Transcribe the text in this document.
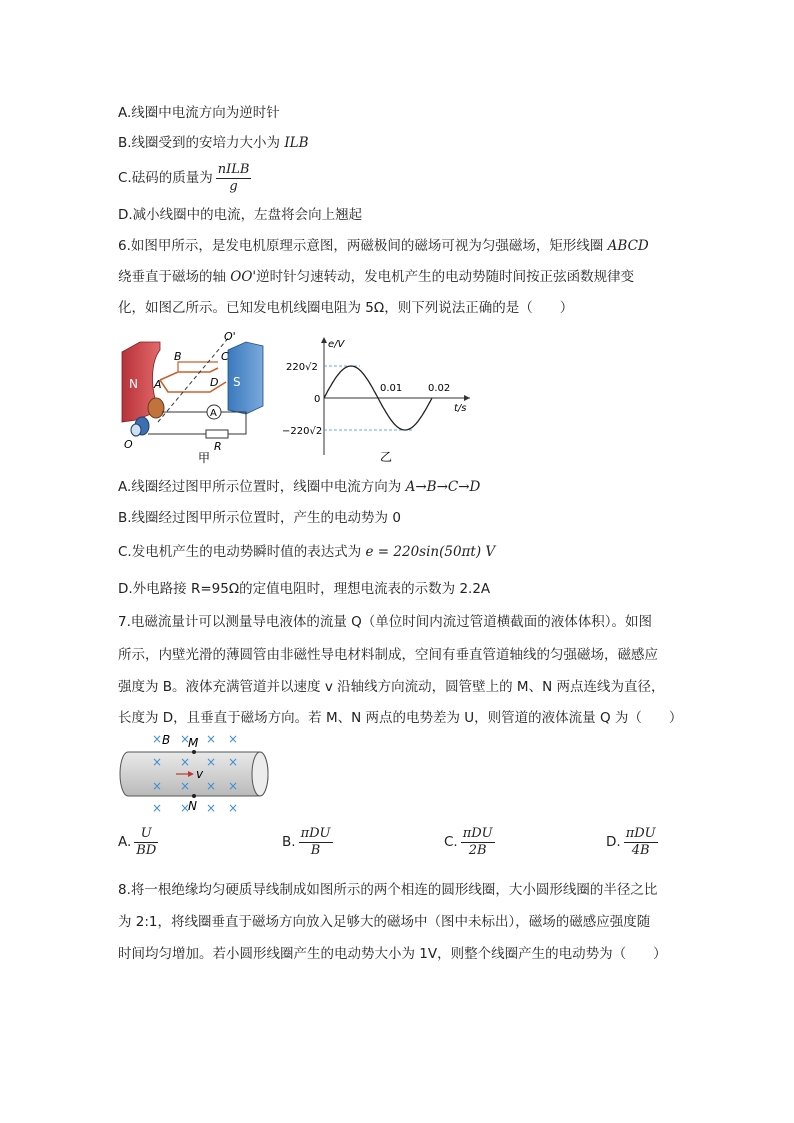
A.线圈中电流方向为逆时针
B.线圈受到的安培力大小为 ILB
C.砝码的质量为 $\frac{\text{nILB}}{g}$
D.减小线圈中的电流，左盘将会向上翘起
6.如图甲所示，是发电机原理示意图，两磁极间的磁场可视为匀强磁场，矩形线圈 ABCD
绕垂直于磁场的轴 OO'逆时针匀速转动，发电机产生的电动势随时间按正弦函数规律变
化，如图乙所示。已知发电机线圈电阻为 5Ω，则下列说法正确的是（　　）
N	S
O'
B
A
C
D
A
R
O
甲
e/V
t/s
220√2
−220√2
0
0.01	0.02
乙
A.线圈经过图甲所示位置时，线圈中电流方向为 A→B→C→D
B.线圈经过图甲所示位置时，产生的电动势为 0
C.发电机产生的电动势瞬时值的表达式为 e = 220sin(50πt) V
D.外电路接 R=95Ω的定值电阻时，理想电流表的示数为 2.2A
7.电磁流量计可以测量导电液体的流量 Q（单位时间内流过管道横截面的液体体积）。如图
所示，内壁光滑的薄圆管由非磁性导电材料制成，空间有垂直管道轴线的匀强磁场，磁感应
强度为 B。液体充满管道并以速度 v 沿轴线方向流动，圆管壁上的 M、N 两点连线为直径，
长度为 D，且垂直于磁场方向。若 M、N 两点的电势差为 U，则管道的液体流量 Q 为（　　）
× × × ×
× × × ×
× × × ×
× × × ×
B M
N
v
A. $\frac{U}{BD}$	B. $\frac{\text{πDU}}{B}$	C. $\frac{\text{πDU}}{2B}$	D. $\frac{\text{πDU}}{4B}$
8.将一根绝缘均匀硬质导线制成如图所示的两个相连的圆形线圈，大小圆形线圈的半径之比
为 2:1，将线圈垂直于磁场方向放入足够大的磁场中（图中未标出），磁场的磁感应强度随
时间均匀增加。若小圆形线圈产生的电动势大小为 1V，则整个线圈产生的电动势为（　　）
